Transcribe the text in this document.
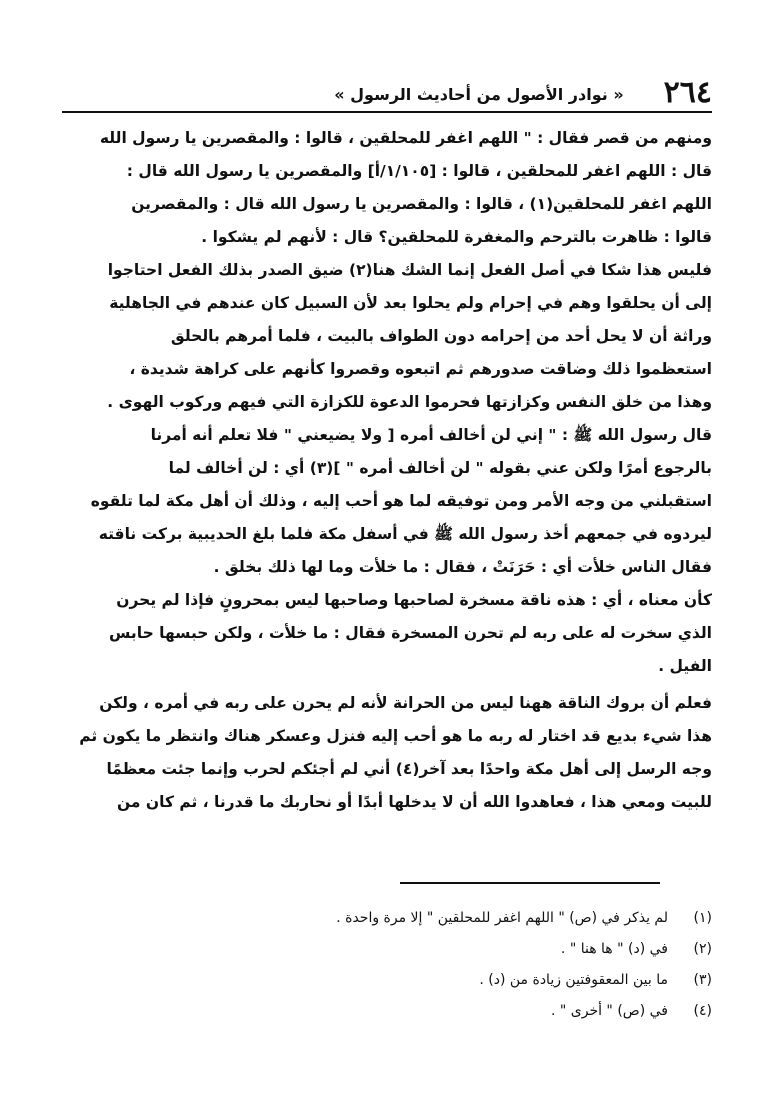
٢٦٤
« نوادر الأصول من أحاديث الرسول »
ومنهم من قصر فقال : " اللهم اغفر للمحلقين ، قالوا : والمقصرين يا رسول الله
قال : اللهم اغفر للمحلقين ، قالوا : [١/١٠٥/أ] والمقصرين يا رسول الله قال :
اللهم اغفر للمحلقين(١) ، قالوا : والمقصرين يا رسول الله قال : والمقصرين
قالوا : ظاهرت بالترحم والمغفرة للمحلقين؟ قال : لأنهم لم يشكوا .
فليس هذا شكا في أصل الفعل إنما الشك هنا(٢) ضيق الصدر بذلك الفعل احتاجوا
إلى أن يحلقوا وهم في إحرام ولم يحلوا بعد لأن السبيل كان عندهم في الجاهلية
وراثة أن لا يحل أحد من إحرامه دون الطواف بالبيت ، فلما أمرهم بالحلق
استعظموا ذلك وضاقت صدورهم ثم اتبعوه وقصروا كأنهم على كراهة شديدة ،
وهذا من خلق النفس وكزازتها فحرموا الدعوة للكزازة التي فيهم وركوب الهوى .
قال رسول الله ﷺ : " إني لن أخالف أمره [ ولا يضيعني " فلا تعلم أنه أمرنا
بالرجوع أمرًا ولكن عني بقوله " لن أخالف أمره " ](٣) أي : لن أخالف لما
استقبلني من وجه الأمر ومن توفيقه لما هو أحب إليه ، وذلك أن أهل مكة لما تلقوه
ليردوه في جمعهم أخذ رسول الله ﷺ في أسفل مكة فلما بلغ الحديبية بركت ناقته
فقال الناس خلأت أي : حَرَنَتْ ، فقال : ما خلأت وما لها ذلك بخلق .
كأن معناه ، أي : هذه ناقة مسخرة لصاحبها وصاحبها ليس بمحرونٍ فإذا لم يحرن
الذي سخرت له على ربه لم تحرن المسخرة فقال : ما خلأت ، ولكن حبسها حابس
الفيل .
فعلم أن بروك الناقة ههنا ليس من الحرانة لأنه لم يحرن على ربه في أمره ، ولكن
هذا شيء بديع قد اختار له ربه ما هو أحب إليه فنزل وعسكر هناك وانتظر ما يكون ثم
وجه الرسل إلى أهل مكة واحدًا بعد آخر(٤) أني لم أجئكم لحرب وإنما جئت معظمًا
للبيت ومعي هذا ، فعاهدوا الله أن لا يدخلها أبدًا أو نحاربك ما قدرنا ، ثم كان من
(١)
لم يذكر في (ص) " اللهم اغفر للمحلقين " إلا مرة واحدة .
(٢)
في (د) " ها هنا " .
(٣)
ما بين المعقوفتين زيادة من (د) .
(٤)
في (ص) " أخرى " .
